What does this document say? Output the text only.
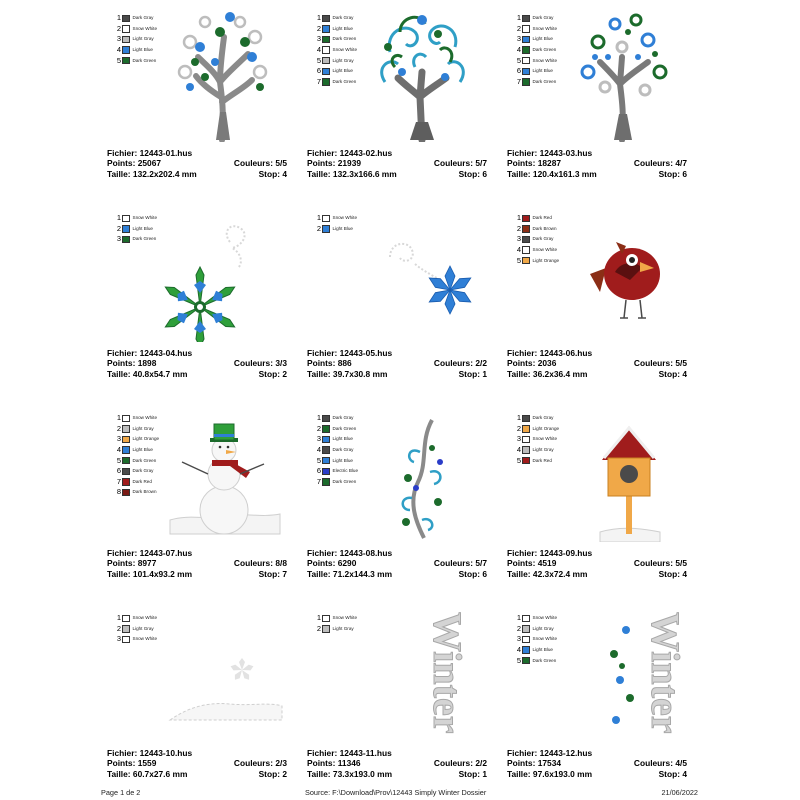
1	Dark Gray
2	Snow White
3	Light Gray
4	Light Blue
5	Dark Green
Fichier: 12443-01.hus
Points: 25067	Couleurs: 5/5
Taille: 132.2x202.4 mm	Stop: 4
1	Dark Gray
2	Light Blue
3	Dark Green
4	Snow White
5	Light Gray
6	Light Blue
7	Dark Green
Fichier: 12443-02.hus
Points: 21939	Couleurs: 5/7
Taille: 132.3x166.6 mm	Stop: 6
1	Dark Gray
2	Snow White
3	Light Blue
4	Dark Green
5	Snow White
6	Light Blue
7	Dark Green
Fichier: 12443-03.hus
Points: 18287	Couleurs: 4/7
Taille: 120.4x161.3 mm	Stop: 6
1	Snow White
2	Light Blue
3	Dark Green
Fichier: 12443-04.hus
Points: 1898	Couleurs: 3/3
Taille: 40.8x54.7 mm	Stop: 2
1	Snow White
2	Light Blue
Fichier: 12443-05.hus
Points: 886	Couleurs: 2/2
Taille: 39.7x30.8 mm	Stop: 1
1	Dark Red
2	Dark Brown
3	Dark Gray
4	Snow White
5	Light Orange
Fichier: 12443-06.hus
Points: 2036	Couleurs: 5/5
Taille: 36.2x36.4 mm	Stop: 4
1	Snow White
2	Light Gray
3	Light Orange
4	Light Blue
5	Dark Green
6	Dark Gray
7	Dark Red
8	Dark Brown
Fichier: 12443-07.hus
Points: 8977	Couleurs: 8/8
Taille: 101.4x93.2 mm	Stop: 7
1	Dark Gray
2	Dark Green
3	Light Blue
4	Dark Gray
5	Light Blue
6	Electric Blue
7	Dark Green
Fichier: 12443-08.hus
Points: 6290	Couleurs: 5/7
Taille: 71.2x144.3 mm	Stop: 6
1	Dark Gray
2	Light Orange
3	Snow White
4	Light Gray
5	Dark Red
Fichier: 12443-09.hus
Points: 4519	Couleurs: 5/5
Taille: 42.3x72.4 mm	Stop: 4
1	Snow White
2	Light Gray
3	Snow White
Fichier: 12443-10.hus
Points: 1559	Couleurs: 2/3
Taille: 60.7x27.6 mm	Stop: 2
1	Snow White
2	Light Gray Winter
Fichier: 12443-11.hus
Points: 11346	Couleurs: 2/2
Taille: 73.3x193.0 mm	Stop: 1
1	Snow White
2	Light Gray
3	Snow White
4	Light Blue
5	Dark Green Winter
Fichier: 12443-12.hus
Points: 17534	Couleurs: 4/5
Taille: 97.6x193.0 mm	Stop: 4
Page 1 de 2	Source: F:\Download\Prov\12443 Simply Winter Dossier	21/06/2022
